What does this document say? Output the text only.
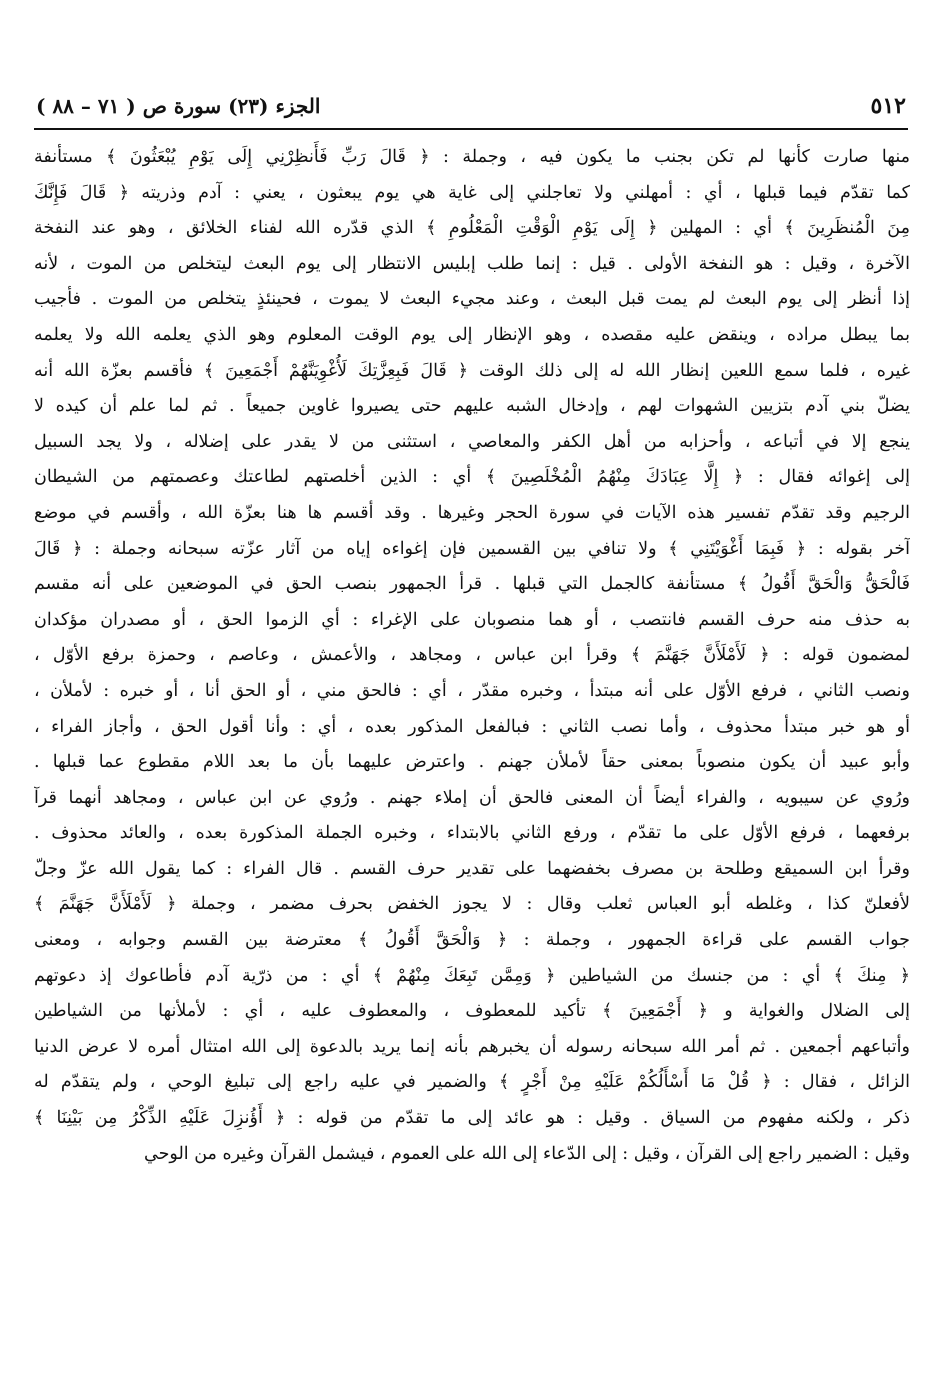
٥١٢
الجزء (٢٣) سورة ص ( ٧١ – ٨٨ )
منها صارت كأنها لم تكن بجنب ما يكون فيه ، وجملة : ﴿ قَالَ رَبِّ فَأَنظِرْنِي إِلَى يَوْمِ يُبْعَثُونَ ﴾ مستأنفة
كما تقدّم فيما قبلها ، أي : أمهلني ولا تعاجلني إلى غاية هي يوم يبعثون ، يعني : آدم وذريته ﴿ قَالَ فَإِنَّكَ
مِنَ الْمُنظَرِينَ ﴾ أي : المهلين ﴿ إِلَى يَوْمِ الْوَقْتِ الْمَعْلُومِ ﴾ الذي قدّره الله لفناء الخلائق ، وهو عند النفخة
الآخرة ، وقيل : هو النفخة الأولى . قيل : إنما طلب إبليس الانتظار إلى يوم البعث ليتخلص من الموت ، لأنه
إذا أنظر إلى يوم البعث لم يمت قبل البعث ، وعند مجيء البعث لا يموت ، فحينئذٍ يتخلص من الموت . فأجيب
بما يبطل مراده ، وينقض عليه مقصده ، وهو الإنظار إلى يوم الوقت المعلوم وهو الذي يعلمه الله ولا يعلمه
غيره ، فلما سمع اللعين إنظار الله له إلى ذلك الوقت ﴿ قَالَ فَبِعِزَّتِكَ لَأُغْوِيَنَّهُمْ أَجْمَعِينَ ﴾ فأقسم بعزّة الله أنه
يضلّ بني آدم بتزيين الشهوات لهم ، وإدخال الشبه عليهم حتى يصيروا غاوين جميعاً . ثم لما علم أن كيده لا
ينجع إلا في أتباعه ، وأحزابه من أهل الكفر والمعاصي ، استثنى من لا يقدر على إضلاله ، ولا يجد السبيل
إلى إغوائه فقال : ﴿ إِلَّا عِبَادَكَ مِنْهُمُ الْمُخْلَصِينَ ﴾ أي : الذين أخلصتهم لطاعتك وعصمتهم من الشيطان
الرجيم وقد تقدّم تفسير هذه الآيات في سورة الحجر وغيرها . وقد أقسم ها هنا بعزّة الله ، وأقسم في موضع
آخر بقوله : ﴿ فَبِمَا أَغْوَيْتَنِي ﴾ ولا تنافي بين القسمين فإن إغواءه إياه من آثار عزّته سبحانه وجملة : ﴿ قَالَ
فَالْحَقُّ وَالْحَقَّ أَقُولُ ﴾ مستأنفة كالجمل التي قبلها . قرأ الجمهور بنصب الحق في الموضعين على أنه مقسم
به حذف منه حرف القسم فانتصب ، أو هما منصوبان على الإغراء : أي الزموا الحق ، أو مصدران مؤكدان
لمضمون قوله : ﴿ لَأَمْلَأَنَّ جَهَنَّمَ ﴾ وقرأ ابن عباس ، ومجاهد ، والأعمش ، وعاصم ، وحمزة برفع الأوّل ،
ونصب الثاني ، فرفع الأوّل على أنه مبتدأ ، وخبره مقدّر ، أي : فالحق مني ، أو الحق أنا ، أو خبره : لأملأن ،
أو هو خبر مبتدأ محذوف ، وأما نصب الثاني : فبالفعل المذكور بعده ، أي : وأنا أقول الحق ، وأجاز الفراء ،
وأبو عبيد أن يكون منصوباً بمعنى حقاً لأملأن جهنم . واعترض عليهما بأن ما بعد اللام مقطوع عما قبلها .
ورُوي عن سيبويه ، والفراء أيضاً أن المعنى فالحق أن إملاء جهنم . ورُوي عن ابن عباس ، ومجاهد أنهما قرآ
برفعهما ، فرفع الأوّل على ما تقدّم ، ورفع الثاني بالابتداء ، وخبره الجملة المذكورة بعده ، والعائد محذوف .
وقرأ ابن السميقع وطلحة بن مصرف بخفضهما على تقدير حرف القسم . قال الفراء : كما يقول الله عزّ وجلّ
لأفعلنّ كذا ، وغلطه أبو العباس ثعلب وقال : لا يجوز الخفض بحرف مضمر ، وجملة ﴿ لَأَمْلَأَنَّ جَهَنَّمَ ﴾
جواب القسم على قراءة الجمهور ، وجملة : ﴿ وَالْحَقَّ أَقُولُ ﴾ معترضة بين القسم وجوابه ، ومعنى
﴿ مِنكَ ﴾ أي : من جنسك من الشياطين ﴿ وَمِمَّن تَبِعَكَ مِنْهُمْ ﴾ أي : من ذرّية آدم فأطاعوك إذ دعوتهم
إلى الضلال والغواية و ﴿ أَجْمَعِينَ ﴾ تأكيد للمعطوف ، والمعطوف عليه ، أي : لأملأنها من الشياطين
وأتباعهم أجمعين . ثم أمر الله سبحانه رسوله أن يخبرهم بأنه إنما يريد بالدعوة إلى الله امتثال أمره لا عرض الدنيا
الزائل ، فقال : ﴿ قُلْ مَا أَسْأَلُكُمْ عَلَيْهِ مِنْ أَجْرٍ ﴾ والضمير في عليه راجع إلى تبليغ الوحي ، ولم يتقدّم له
ذكر ، ولكنه مفهوم من السياق . وقيل : هو عائد إلى ما تقدّم من قوله : ﴿ أَؤُنزِلَ عَلَيْهِ الذِّكْرُ مِن بَيْنِنَا ﴾
وقيل : الضمير راجع إلى القرآن ، وقيل : إلى الدّعاء إلى الله على العموم ، فيشمل القرآن وغيره من الوحي
